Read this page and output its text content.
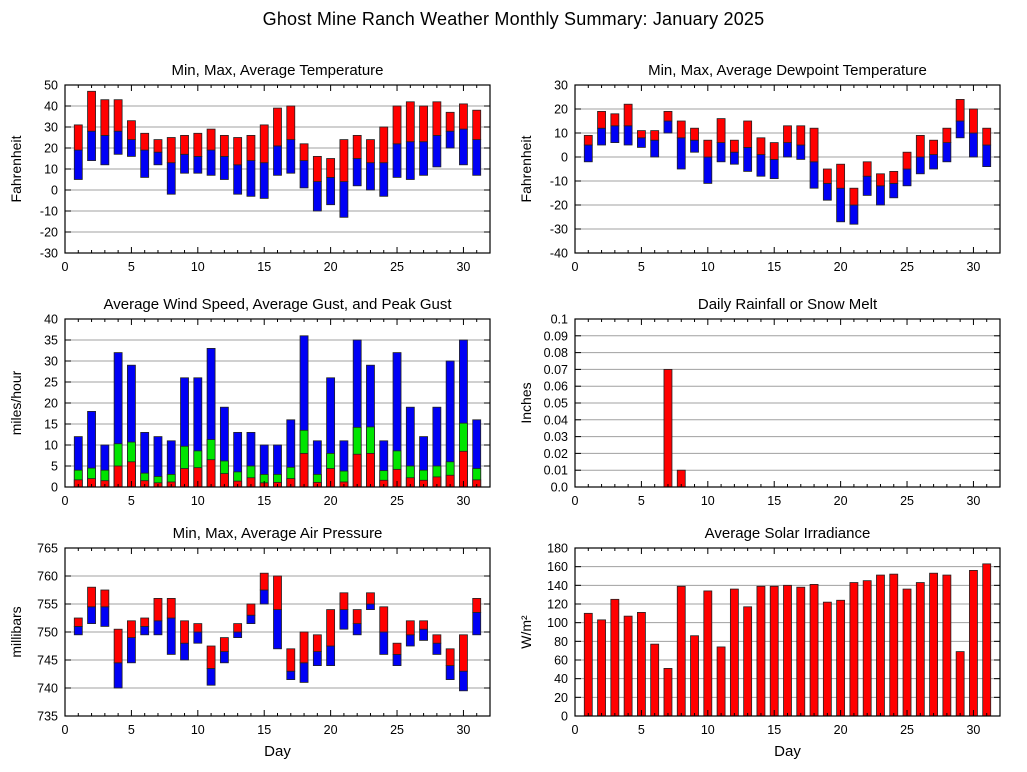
Ghost Mine Ranch Weather Monthly Summary: January 2025
Min, Max, Average Temperature
-30
-20
-10
0
10
20
30
40
50
0	5	10	15	20	25	30
Fahrenheit
Min, Max, Average Dewpoint Temperature
-40
-30
-20
-10
0
10
20
30
0	5	10	15	20	25	30
Fahrenheit
Average Wind Speed, Average Gust, and Peak Gust
0
5
10
15
20
25
30
35
40
0	5	10	15	20	25	30
miles/hour
Daily Rainfall or Snow Melt
0.0
0.01
0.02
0.03
0.04
0.05
0.06
0.07
0.08
0.09
0.1
0	5	10	15	20	25	30
Inches
Min, Max, Average Air Pressure
735
740
745
750
755
760
765
0	5	10	15	20	25	30
millibars
Day
Average Solar Irradiance
0
20
40
60
80
100
120
140
160
180
0	5	10	15	20	25	30
W/m²
Day
